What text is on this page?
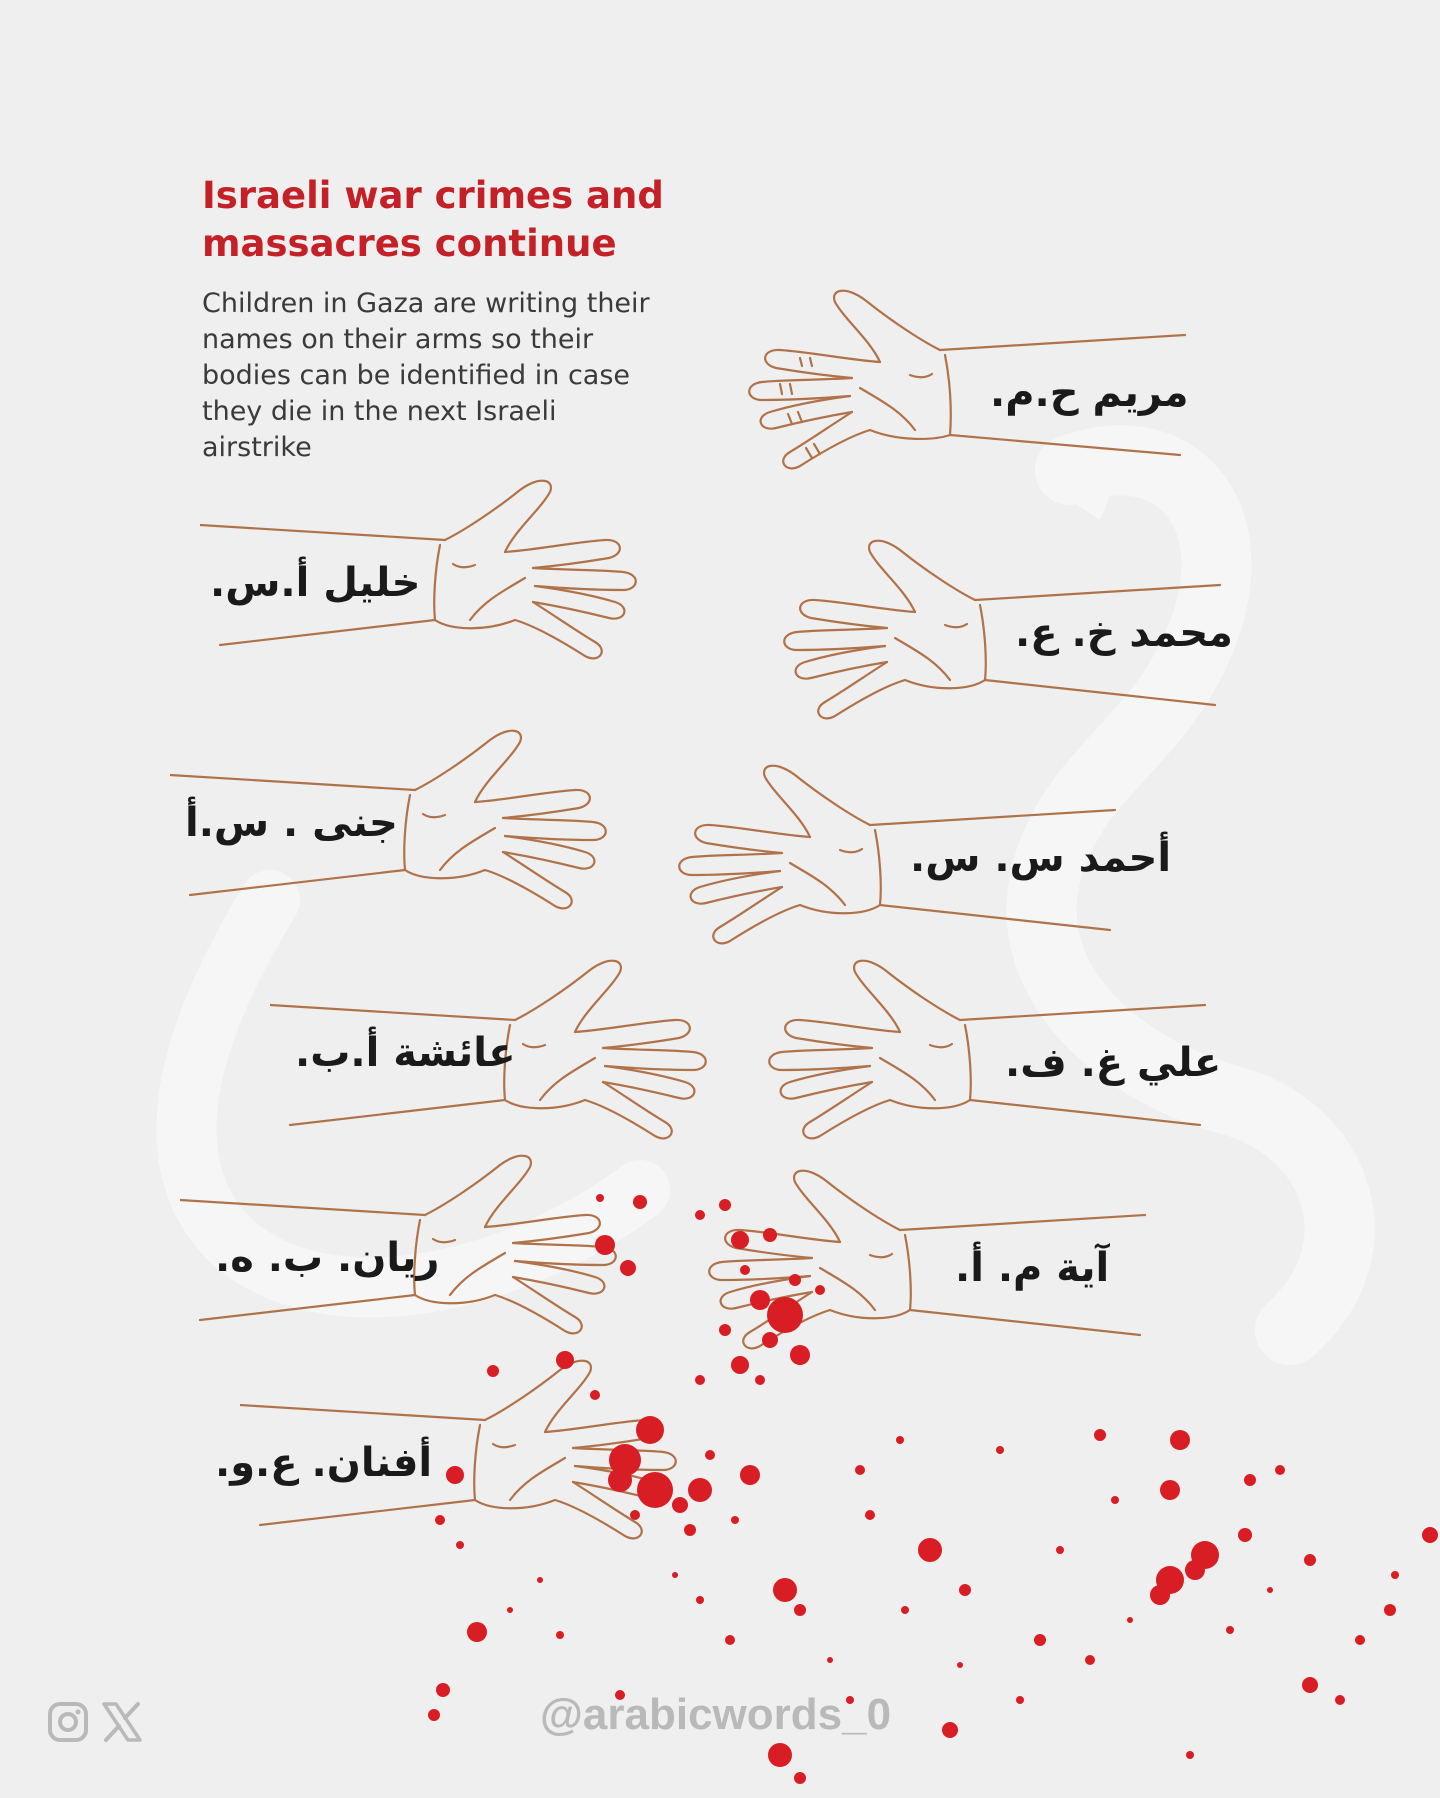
Israeli war crimes and massacres continue

Children in Gaza are writing their names on their arms so their bodies can be identified in case they die in the next Israeli airstrike

مريم ح.م.
خليل أ.س.
محمد خ. ع.
جنى . س.أ
أحمد س. س.
عائشة أ.ب.	علي غ. ف.
ريان. ب. ه.	آية م. أ.
أفنان. ع.و.
@arabicwords_0
